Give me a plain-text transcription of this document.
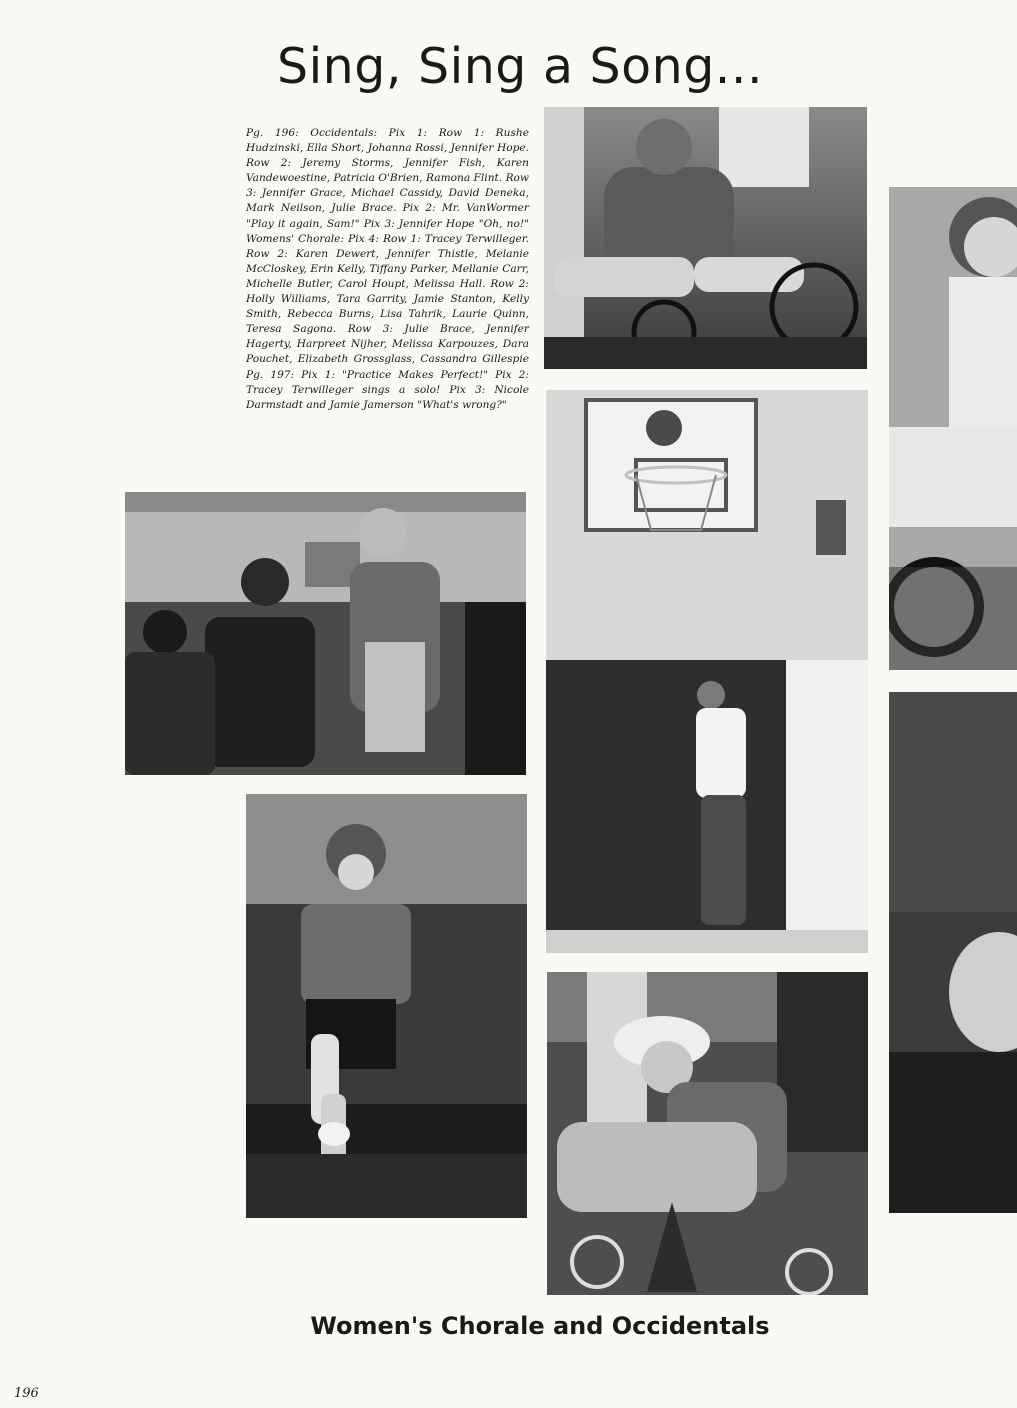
Sing, Sing a Song...

Pg. 196: Occidentals: Pix 1: Row 1: Rushe Hudzinski, Ella Short, Johanna Rossi, Jennifer Hope. Row 2: Jeremy Storms, Jennifer Fish, Karen Vandewoestine, Patricia O'Brien, Ramona Flint. Row 3: Jennifer Grace, Michael Cassidy, David Deneka, Mark Neilson, Julie Brace. Pix 2: Mr. VanWormer "Play it again, Sam!" Pix 3: Jennifer Hope "Oh, no!" Womens' Chorale: Pix 4: Row 1: Tracey Terwilleger. Row 2: Karen Dewert, Jennifer Thistle, Melanie McCloskey, Erin Kelly, Tiffany Parker, Mellanie Carr, Michelle Butler, Carol Houpt, Melissa Hall. Row 2: Holly Williams, Tara Garrity, Jamie Stanton, Kelly Smith, Rebecca Burns, Lisa Tahrik, Laurie Quinn, Teresa Sagona. Row 3: Julie Brace, Jennifer Hagerty, Harpreet Nijher, Melissa Karpouzes, Dara Pouchet, Elizabeth Grossglass, Cassandra Gillespie Pg. 197: Pix 1: "Practice Makes Perfect!" Pix 2: Tracey Terwilleger sings a solo! Pix 3: Nicole Darmstadt and Jamie Jamerson "What's wrong?"

Women's Chorale and Occidentals
196
